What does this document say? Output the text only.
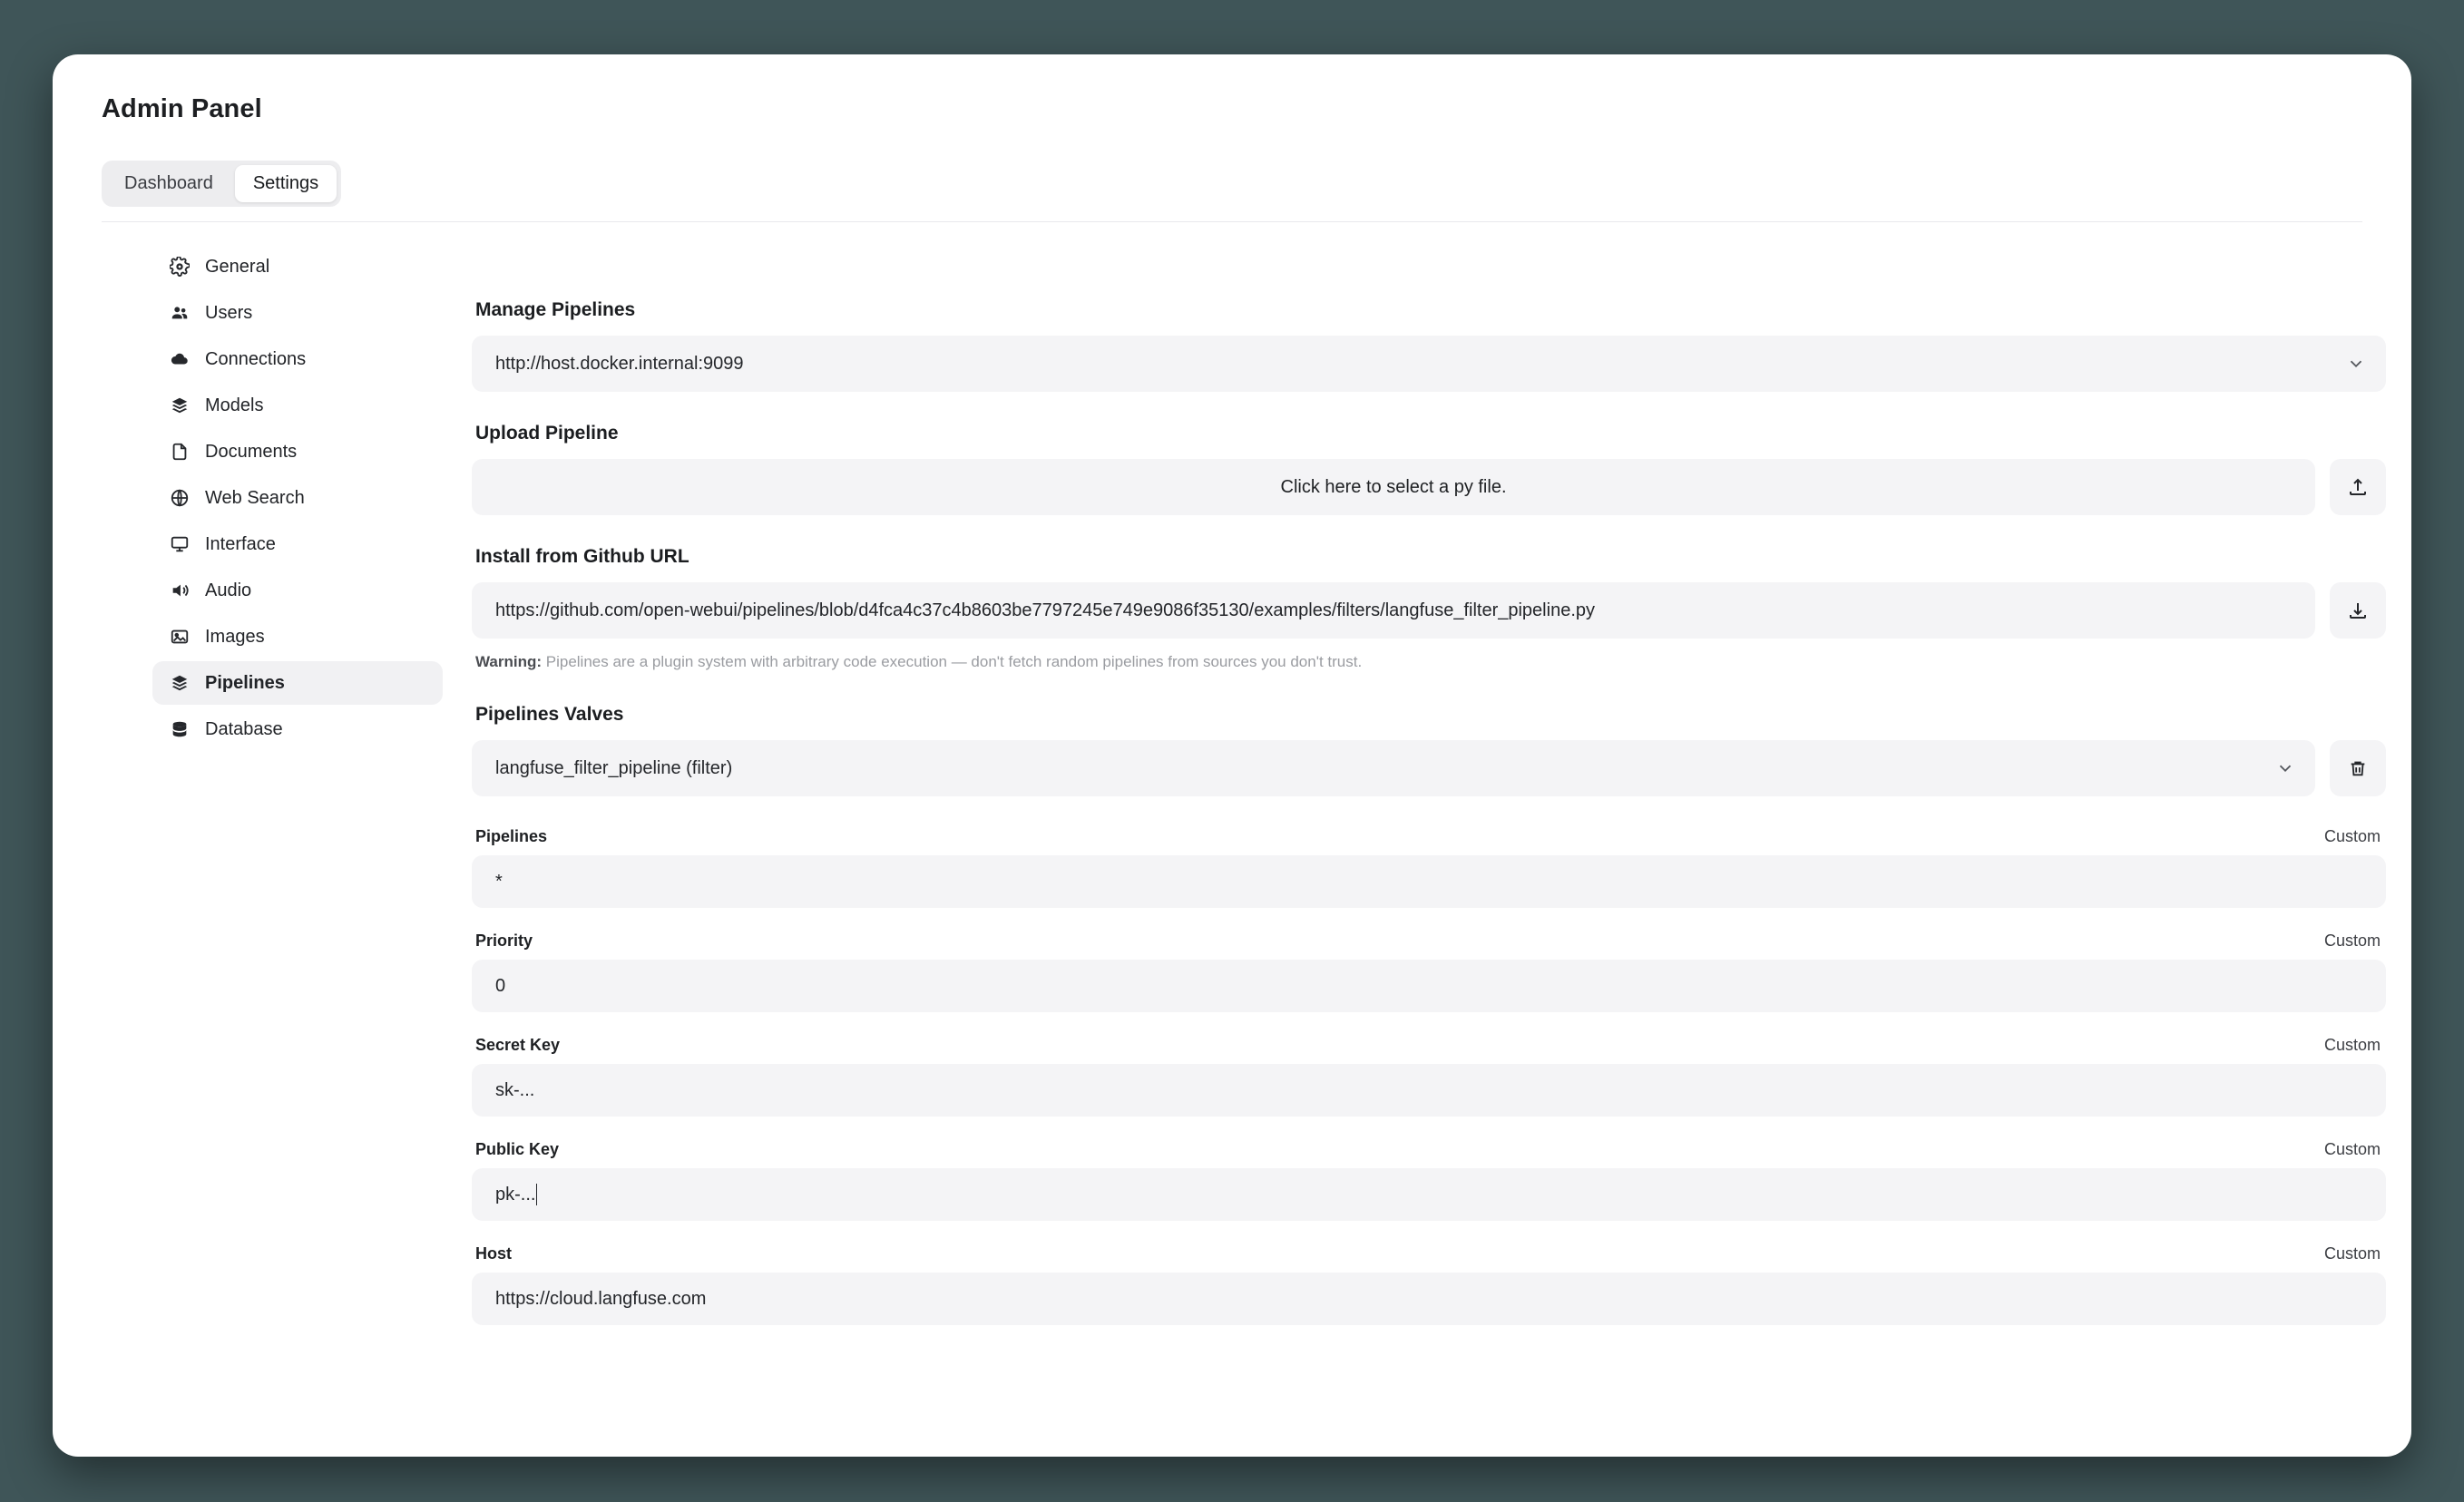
Admin Panel
Dashboard	Settings
General
Users
Connections
Models
Documents
Web Search
Interface
Audio
Images
Pipelines
Database
Manage Pipelines
http://host.docker.internal:9099
Upload Pipeline
Click here to select a py file.
Install from Github URL
https://github.com/open-webui/pipelines/blob/d4fca4c37c4b8603be7797245e749e9086f35130/examples/filters/langfuse_filter_pipeline.py
Warning: Pipelines are a plugin system with arbitrary code execution — don't fetch random pipelines from sources you don't trust.
Pipelines Valves
langfuse_filter_pipeline (filter)
Pipelines	Custom
*
Priority	Custom
0
Secret Key	Custom
sk-...
Public Key	Custom
pk-...
Host	Custom
https://cloud.langfuse.com
